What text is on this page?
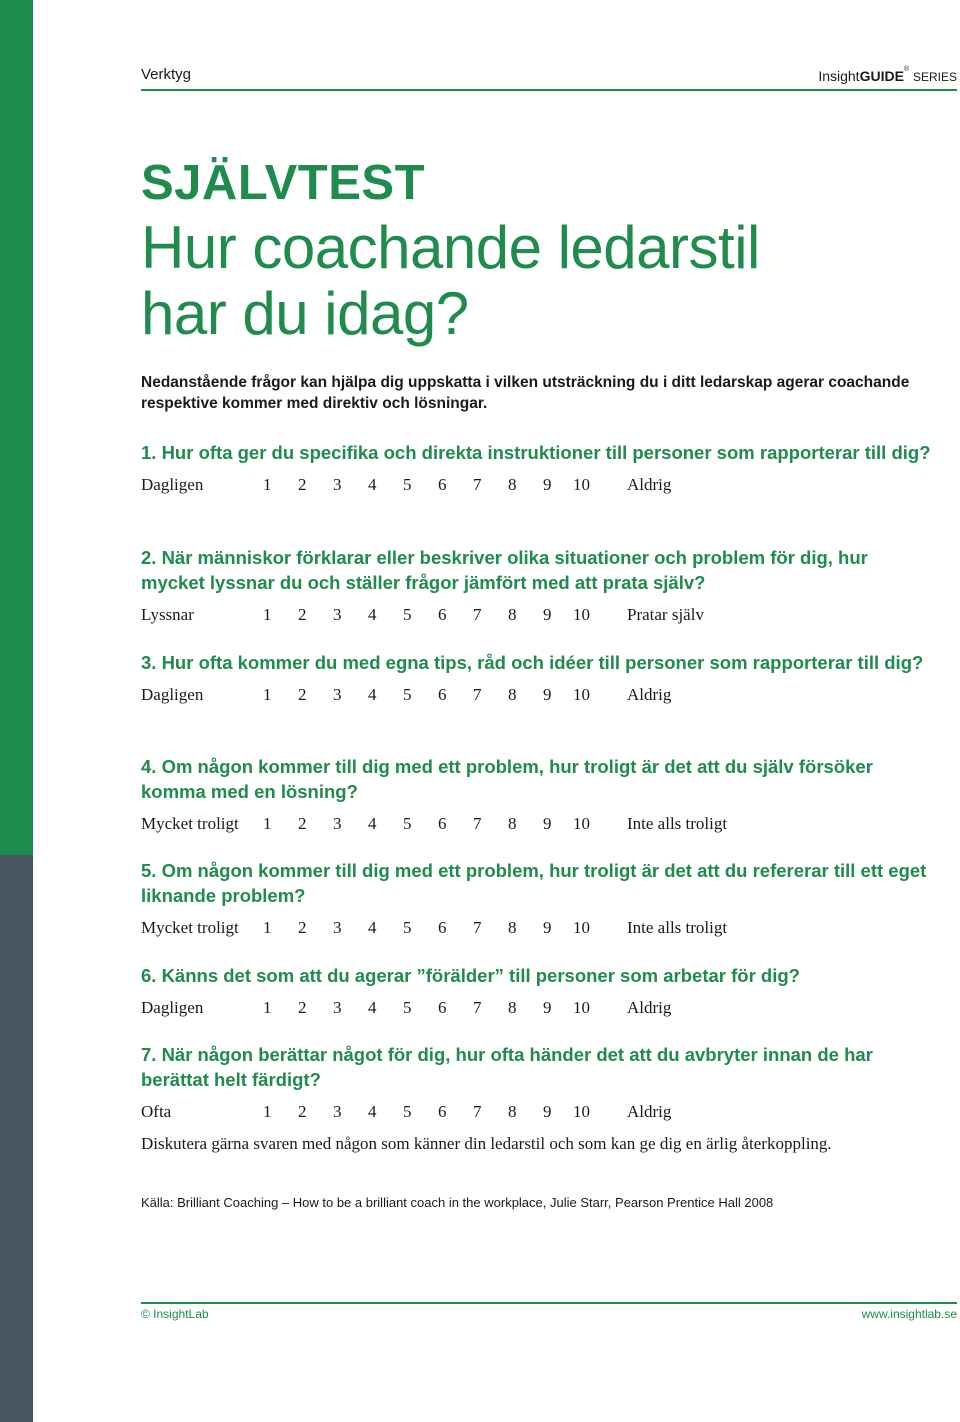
Verktyg	InsightGUIDE® SERIES
SJÄLVTEST
Hur coachande ledarstil
har du idag?

Nedanstående frågor kan hjälpa dig uppskatta i vilken utsträckning du i ditt ledarskap agerar coachande respektive kommer med direktiv och lösningar.

1. Hur ofta ger du specifika och direkta instruktioner till personer som rapporterar till dig?
Dagligen	1 2 3 4 5 6 7 8 9 10 Aldrig
2. När människor förklarar eller beskriver olika situationer och problem för dig, hur mycket lyssnar du och ställer frågor jämfört med att prata själv?
Lyssnar	1 2 3 4 5 6 7 8 9 10 Pratar själv
3. Hur ofta kommer du med egna tips, råd och idéer till personer som rapporterar till dig?
Dagligen	1 2 3 4 5 6 7 8 9 10 Aldrig
4. Om någon kommer till dig med ett problem, hur troligt är det att du själv försöker komma med en lösning?
Mycket troligt 1 2 3 4 5 6 7 8 9 10 Inte alls troligt
5. Om någon kommer till dig med ett problem, hur troligt är det att du refererar till ett eget liknande problem?
Mycket troligt 1 2 3 4 5 6 7 8 9 10 Inte alls troligt
6. Känns det som att du agerar ”förälder” till personer som arbetar för dig?
Dagligen	1 2 3 4 5 6 7 8 9 10 Aldrig
7. När någon berättar något för dig, hur ofta händer det att du avbryter innan de har berättat helt färdigt?
Ofta	1 2 3 4 5 6 7 8 9 10 Aldrig

Diskutera gärna svaren med någon som känner din ledarstil och som kan ge dig en ärlig återkoppling.

Källa: Brilliant Coaching – How to be a brilliant coach in the workplace, Julie Starr, Pearson Prentice Hall 2008

© InsightLab	www.insightlab.se
